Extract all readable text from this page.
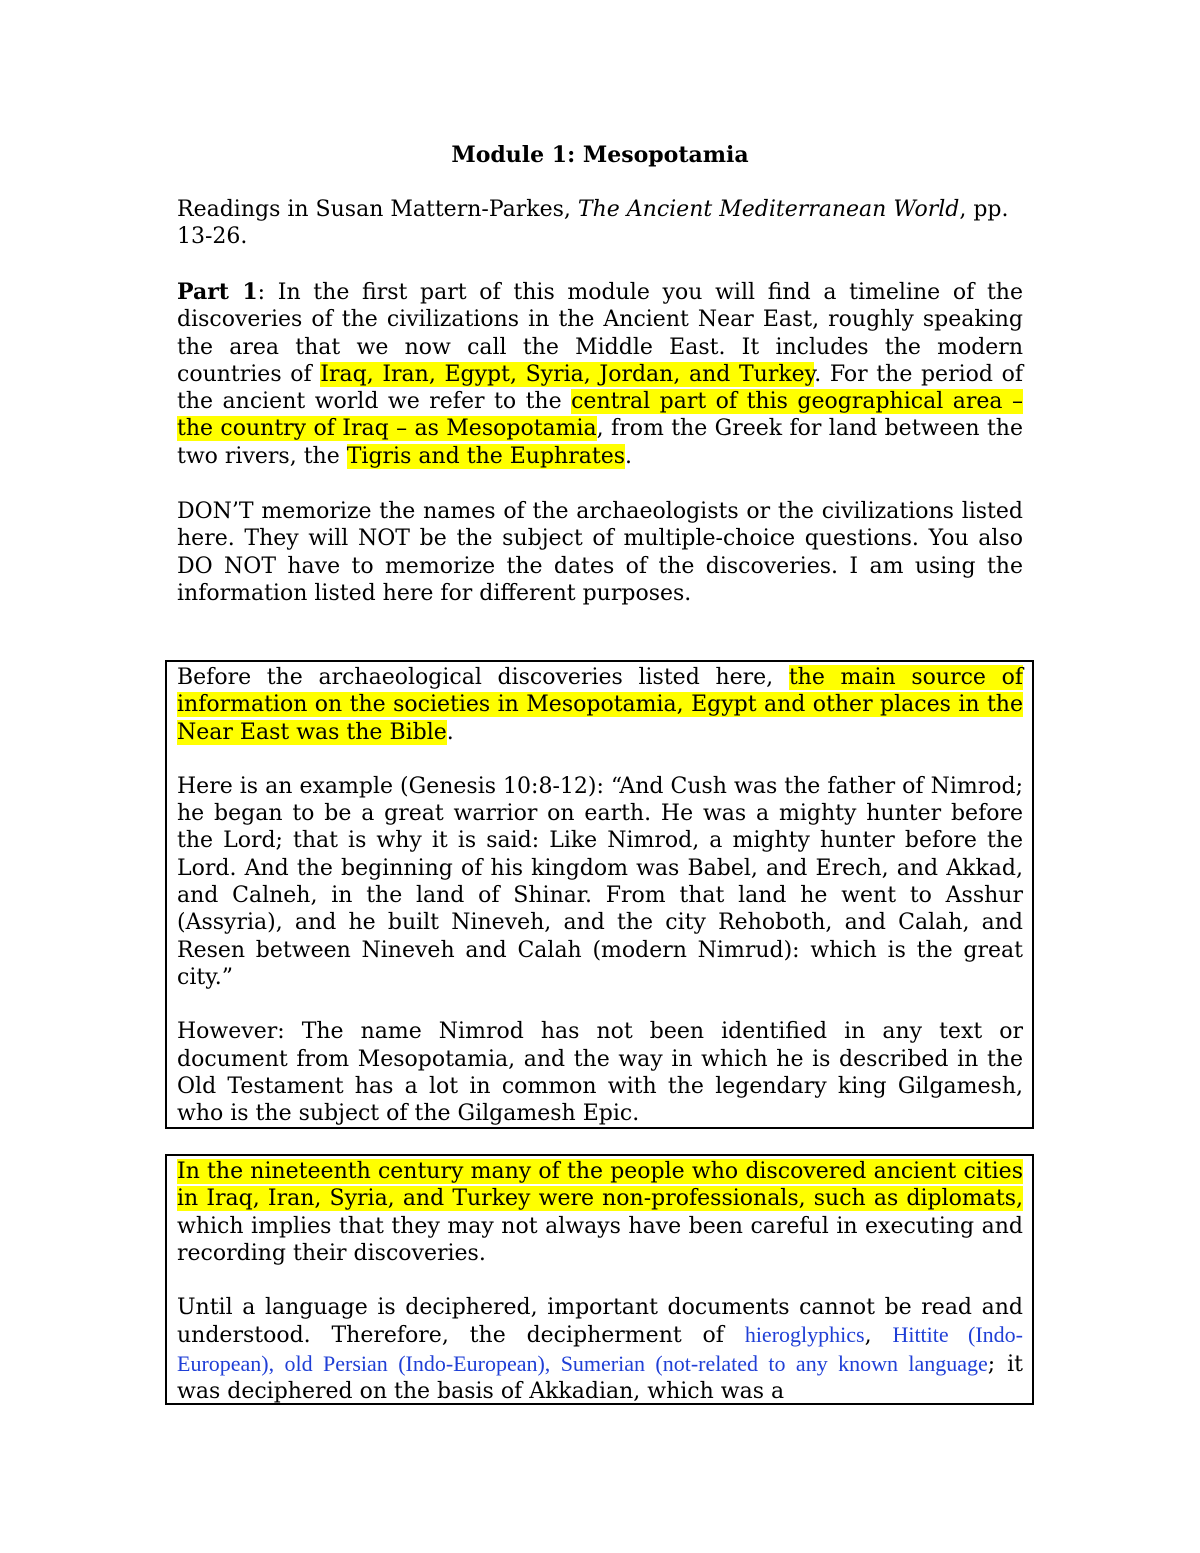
Module 1: Mesopotamia

Readings in Susan Mattern-Parkes, The Ancient Mediterranean World, pp. 13-26.

Part 1: In the first part of this module you will find a timeline of the discoveries of the civilizations in the Ancient Near East, roughly speaking the area that we now call the Middle East. It includes the modern countries of Iraq, Iran, Egypt, Syria, Jordan, and Turkey. For the period of the ancient world we refer to the central part of this geographical area – the country of Iraq – as Mesopotamia, from the Greek for land between the two rivers, the Tigris and the Euphrates.

DON’T memorize the names of the archaeologists or the civilizations listed here. They will NOT be the subject of multiple-choice questions. You also DO NOT have to memorize the dates of the discoveries. I am using the information listed here for different purposes.

Before the archaeological discoveries listed here, the main source of information on the societies in Mesopotamia, Egypt and other places in the Near East was the Bible.

Here is an example (Genesis 10:8-12): “And Cush was the father of Nimrod; he began to be a great warrior on earth. He was a mighty hunter before the Lord; that is why it is said: Like Nimrod, a mighty hunter before the Lord. And the beginning of his kingdom was Babel, and Erech, and Akkad, and Calneh, in the land of Shinar. From that land he went to Asshur (Assyria), and he built Nineveh, and the city Rehoboth, and Calah, and Resen between Nineveh and Calah (modern Nimrud): which is the great city.”

However: The name Nimrod has not been identified in any text or document from Mesopotamia, and the way in which he is described in the Old Testament has a lot in common with the legendary king Gilgamesh, who is the subject of the Gilgamesh Epic.

In the nineteenth century many of the people who discovered ancient cities in Iraq, Iran, Syria, and Turkey were non-professionals, such as diplomats, which implies that they may not always have been careful in executing and recording their discoveries.

Until a language is deciphered, important documents cannot be read and understood. Therefore, the decipherment of hieroglyphics, Hittite (Indo-European), old Persian (Indo-European), Sumerian (not-related to any known language; it was deciphered on the basis of Akkadian, which was a
